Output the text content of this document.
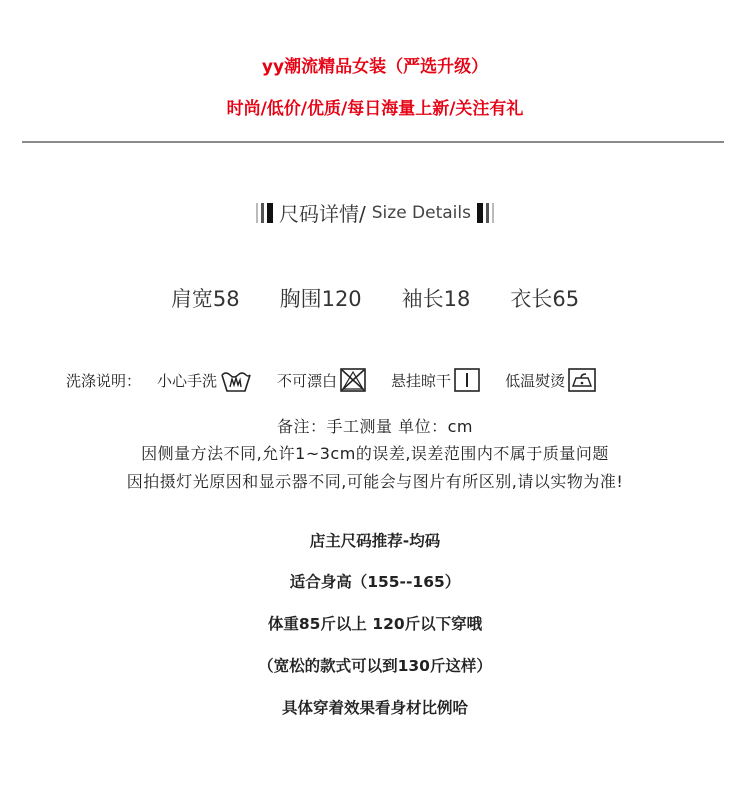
yy潮流精品女装（严选升级）
时尚/低价/优质/每日海量上新/关注有礼
尺码详情/ Size Details
肩宽58 胸围120 袖长18 衣长65
洗涤说明： 小心手洗	不可漂白	悬挂晾干	低温熨烫
备注：手工测量 单位：cm
因侧量方法不同,允许1~3cm的误差,误差范围内不属于质量问题
因拍摄灯光原因和显示器不同,可能会与图片有所区别,请以实物为准!
店主尺码推荐-均码
适合身高（155--165）
体重85斤以上 120斤以下穿哦
（宽松的款式可以到130斤这样）
具体穿着效果看身材比例哈
